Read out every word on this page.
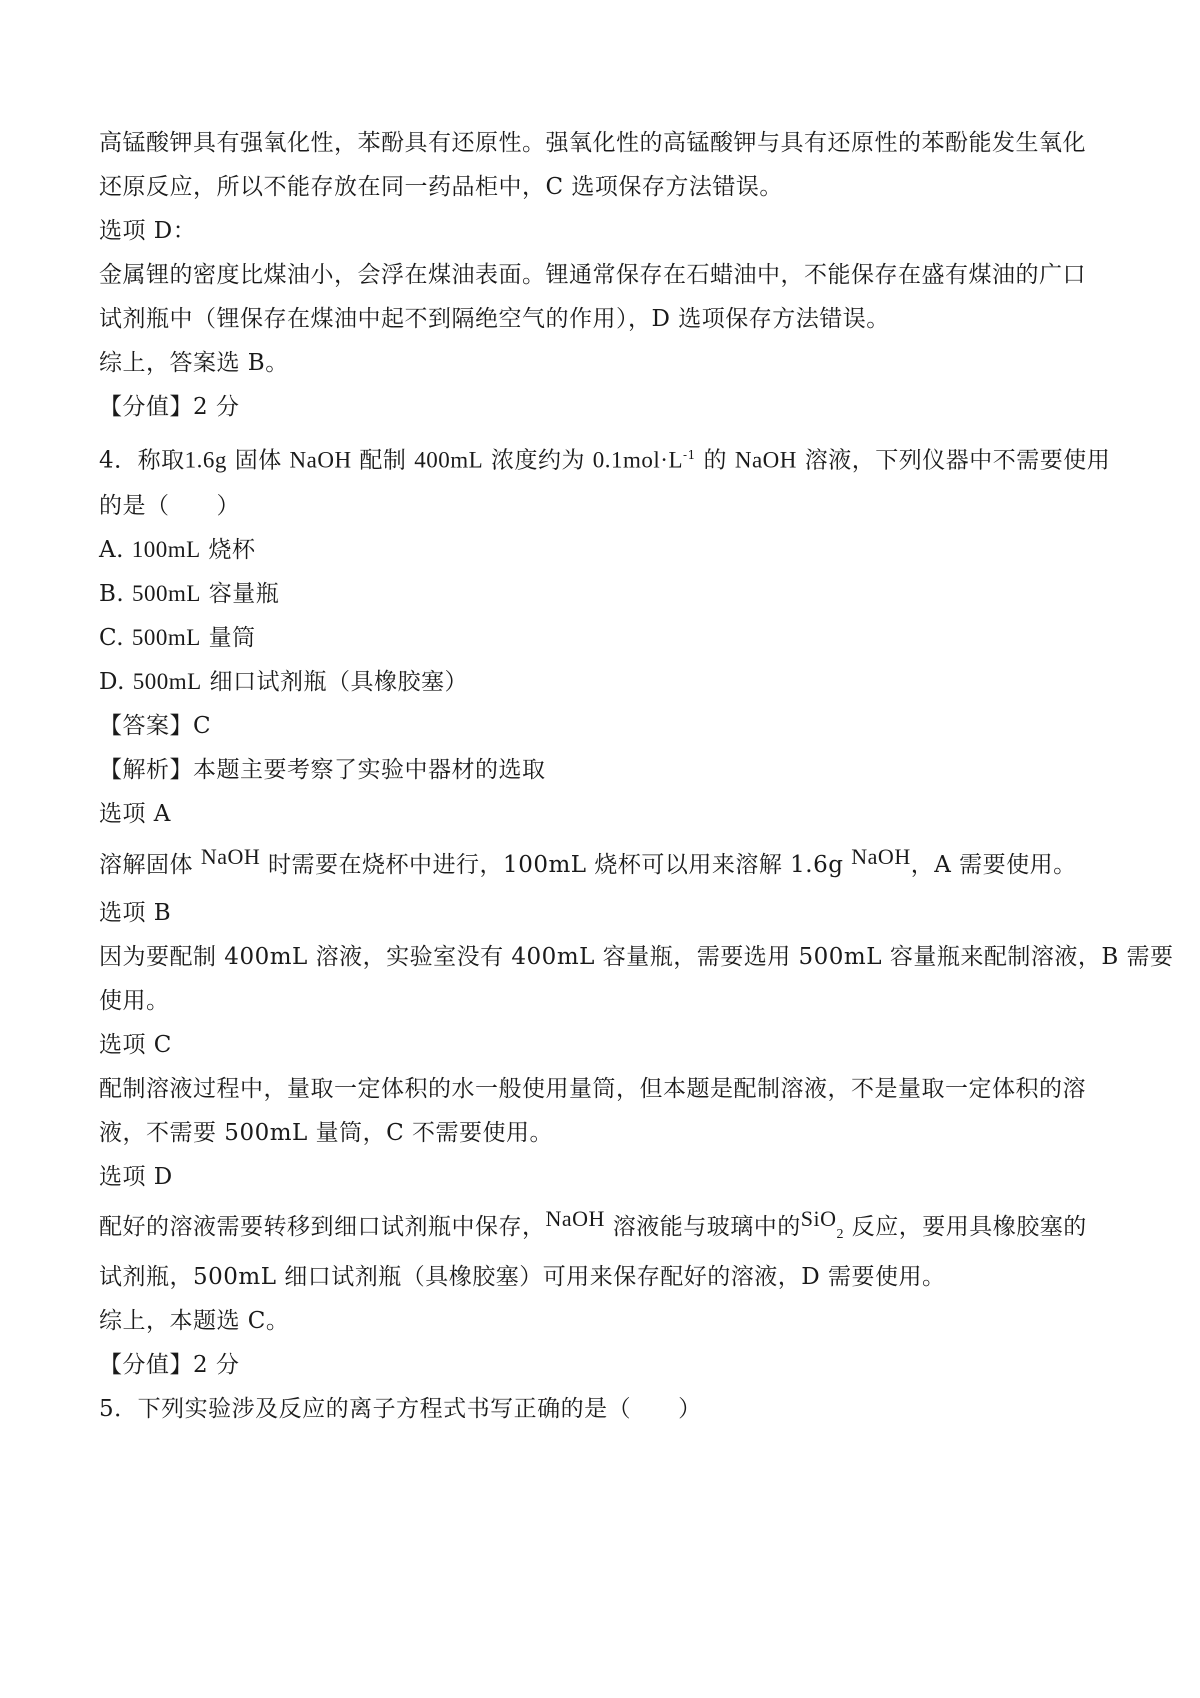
高锰酸钾具有强氧化性，苯酚具有还原性。强氧化性的高锰酸钾与具有还原性的苯酚能发生氧化
还原反应，所以不能存放在同一药品柜中，C 选项保存方法错误。
选项 D：
金属锂的密度比煤油小，会浮在煤油表面。锂通常保存在石蜡油中，不能保存在盛有煤油的广口
试剂瓶中（锂保存在煤油中起不到隔绝空气的作用），D 选项保存方法错误。
综上，答案选 B。
【分值】2 分
4．称取1.6g 固体 NaOH 配制 400mL 浓度约为 $0.1mol\cdot L^{-1}$ 的 NaOH 溶液，下列仪器中不需要使用
的是（　　）
A. 100mL 烧杯
B. 500mL 容量瓶
C. 500mL 量筒
D. 500mL 细口试剂瓶（具橡胶塞）
【答案】C
【解析】本题主要考察了实验中器材的选取
选项 A
溶解固体 NaOH 时需要在烧杯中进行，100mL 烧杯可以用来溶解 1.6g NaOH，A 需要使用。
选项 B
因为要配制 400mL 溶液，实验室没有 400mL 容量瓶，需要选用 500mL 容量瓶来配制溶液，B 需要
使用。
选项 C
配制溶液过程中，量取一定体积的水一般使用量筒，但本题是配制溶液，不是量取一定体积的溶
液，不需要 500mL 量筒，C 不需要使用。
选项 D
配好的溶液需要转移到细口试剂瓶中保存，NaOH 溶液能与玻璃中的SiO2 反应，要用具橡胶塞的
试剂瓶，500mL 细口试剂瓶（具橡胶塞）可用来保存配好的溶液，D 需要使用。
综上，本题选 C。
【分值】2 分
5．下列实验涉及反应的离子方程式书写正确的是（　　）
